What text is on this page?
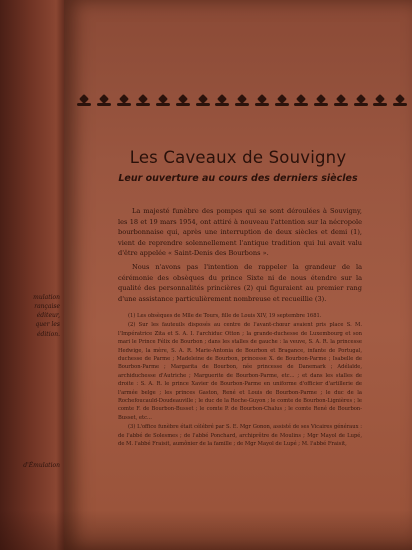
mulation
rançaise
éditeur,
quer les
édition.
d'Émulation
Les Caveaux de Souvigny
Leur ouverture au cours des derniers siècles

La majesté funèbre des pompes qui se sont déroulées à Souvigny, les 18 et 19 mars 1954, ont attiré à nouveau l'attention sur la nécropole bourbonnaise qui, après une interruption de deux siècles et demi (1), vient de reprendre solennellement l'antique tradition qui lui avait valu d'être appelée « Saint-Denis des Bourbons ».

Nous n'avons pas l'intention de rappeler la grandeur de la cérémonie des obsèques du prince Sixte ni de nous étendre sur la qualité des personnalités princières (2) qui figuraient au premier rang d'une assistance particulièrement nombreuse et recueillie (3).

(1) Les obsèques de Mlle de Tours, fille de Louis XIV, 19 septembre 1681.

(2) Sur les fauteuils disposés au centre de l'avant-chœur avaient pris place S. M. l'Impératrice Zita et S. A. I. l'archiduc Otton ; la grande-duchesse de Luxembourg et son mari le Prince Félix de Bourbon ; dans les stalles de gauche : la veuve, S. A. R. la princesse Hedwige, la mère, S. A. R. Marie-Antonia de Bourbon et Bragance, infante de Portugal, duchesse de Parme ; Madeleine de Bourbon, princesse X. de Bourbon-Parme ; Isabelle de Bourbon-Parme ; Margarita de Bourbon, née princesse de Danemark ; Adélaïde, archiduchesse d'Autriche ; Marguerite de Bourbon-Parme, etc... ; et dans les stalles de droite : S. A. R. le prince Xavier de Bourbon-Parme en uniforme d'officier d'artillerie de l'armée belge ; les princes Gaston, René et Louis de Bourbon-Parme ; le duc de la Rochefoucauld-Doudeauville ; le duc de la Roche-Guyon ; le comte de Bourbon-Lignières ; le comte F. de Bourbon-Busset ; le comte P. de Bourbon-Chalus ; le comte René de Bourbon-Busset, etc...

(3) L'office funèbre était célébré par S. E. Mgr Gonon, assisté de ses Vicaires généraux : de l'abbé de Solesmes ; de l'abbé Ponchard, archiprêtre de Moulins ; Mgr Mayol de Lupé, de M. l'abbé Fraisit, aumônier de la famille ; de Mgr Mayol de Lupé ; M. l'abbé Fraisit,
